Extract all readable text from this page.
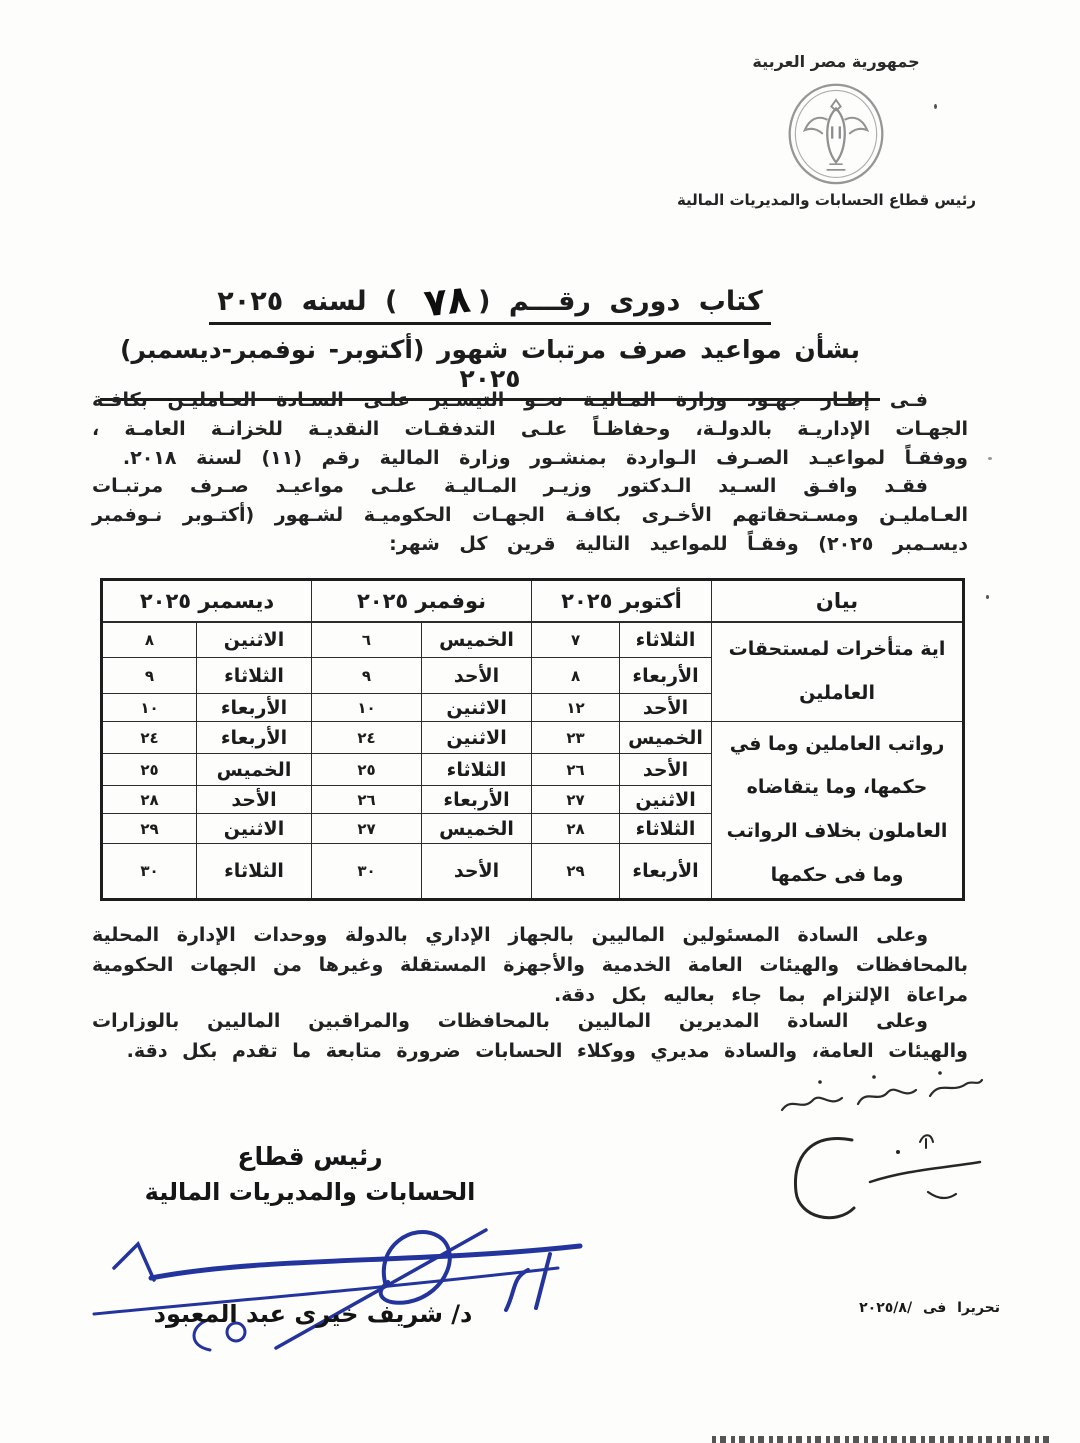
جمهورية مصر العربية
رئيس قطاع الحسابات والمديريات المالية
كتاب دورى رقـــم (٧٨ ) لسنه ٢٠٢٥
بشأن مواعيد صرف مرتبات شهور (أكتوبر- نوفمبر-ديسمبر) ٢٠٢٥

فـى إطـار جهـود وزارة المـاليـة نحـو التيسـير علـى السـادة العـامليـن بكافـة الجهـات الإداريـة بالدولـة، وحفاظـاً علـى التدفقـات النقديـة للخزانـة العامـة ، ووفقـاً لمواعيـد الصـرف الـواردة بمنشـور وزارة المالية رقم (١١) لسنة ٢٠١٨.

فقـد وافـق السـيد الـدكتور وزيـر المـاليـة علـى مواعيـد صـرف مرتبـات العـامليـن ومسـتحقاتهم الأخـرى بكافـة الجهـات الحكوميـة لشـهور (أكتـوبر نـوفمبر ديسـمبر ٢٠٢٥) وفقـاً للمواعيد التالية قرين كل شهر:

بيان	أكتوبر ٢٠٢٥		نوفمبر ٢٠٢٥		ديسمبر ٢٠٢٥	
اية متأخرات لمستحقات العاملين	الثلاثاء	٧	الخميس	٦	الاثنين	٨
	الأربعاء	٨	الأحد	٩	الثلاثاء	٩
	الأحد	١٢	الاثنين	١٠	الأربعاء	١٠
رواتب العاملين وما في حكمها، وما يتقاضاه العاملون بخلاف الرواتب وما فى حكمها	الخميس	٢٣	الاثنين	٢٤	الأربعاء	٢٤
	الأحد	٢٦	الثلاثاء	٢٥	الخميس	٢٥
	الاثنين	٢٧	الأربعاء	٢٦	الأحد	٢٨
	الثلاثاء	٢٨	الخميس	٢٧	الاثنين	٢٩
	الأربعاء	٢٩	الأحد	٣٠	الثلاثاء	٣٠

وعلى السادة المسئولين الماليين بالجهاز الإداري بالدولة ووحدات الإدارة المحلية بالمحافظات والهيئات العامة الخدمية والأجهزة المستقلة وغيرها من الجهات الحكومية مراعاة الإلتزام بما جاء بعاليه بكل دقة.

وعلى السادة المديرين الماليين بالمحافظات والمراقبين الماليين بالوزارات والهيئات العامة، والسادة مديري ووكلاء الحسابات ضرورة متابعة ما تقدم بكل دقة.

رئيس قطاع
الحسابات والمديريات المالية
د/ شريف خيرى عبد المعبود	تحريرا فى ٢٠٢٥/٨/
